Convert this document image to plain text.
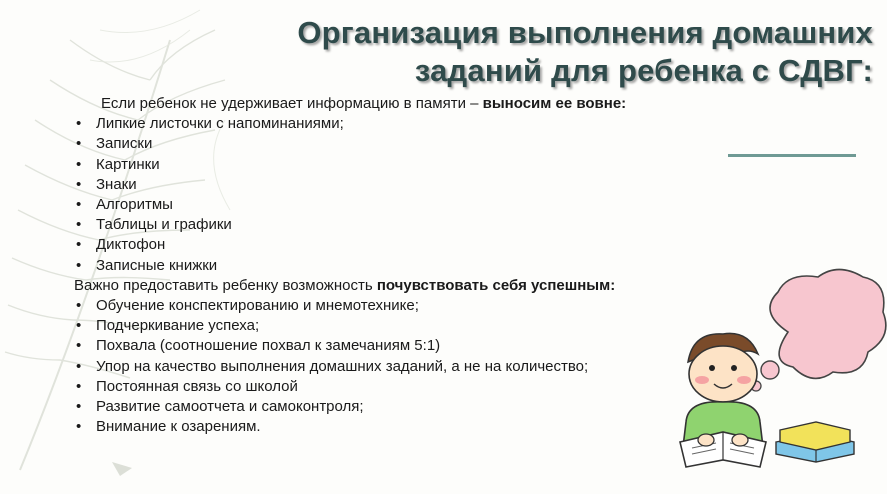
Организация выполнения домашних
заданий для ребенка с СДВГ:

Если ребенок не удерживает информацию в памяти – выносим ее вовне:

• Липкие листочки с напоминаниями;
• Записки
• Картинки
• Знаки
• Алгоритмы
• Таблицы и графики
• Диктофон
• Записные книжки

Важно предоставить ребенку возможность почувствовать себя успешным:

• Обучение конспектированию и мнемотехнике;
• Подчеркивание успеха;
• Похвала (соотношение похвал к замечаниям 5:1)
• Упор на качество выполнения домашних заданий, а не на количество;
• Постоянная связь со школой
• Развитие самоотчета и самоконтроля;
• Внимание к озарениям.
